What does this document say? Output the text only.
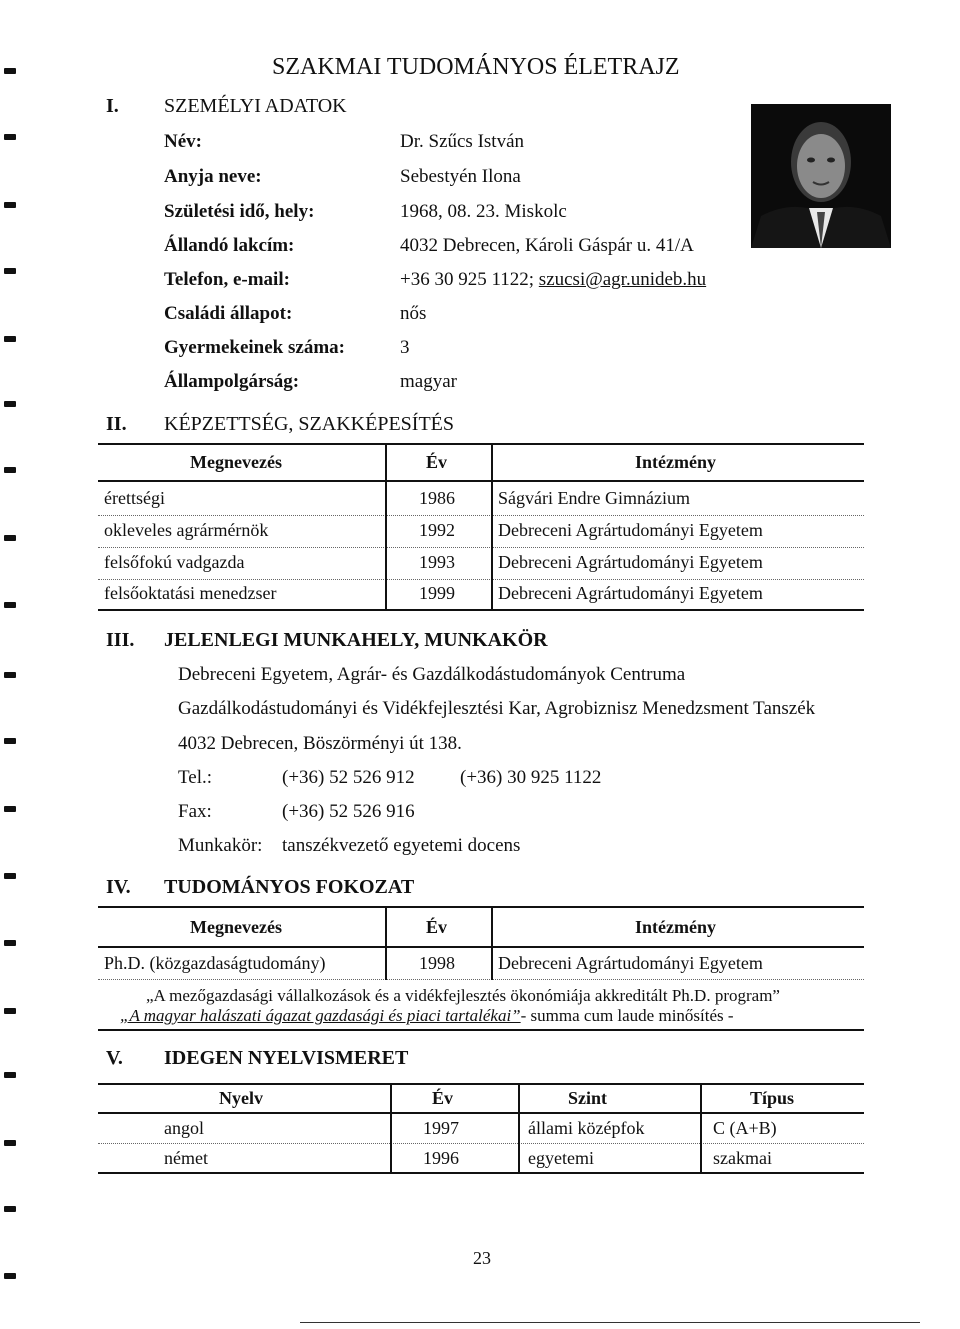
SZAKMAI TUDOMÁNYOS ÉLETRAJZ
I. SZEMÉLYI ADATOK
Név:	Dr. Szűcs István
Anyja neve:	Sebestyén Ilona
Születési idő, hely:	1968, 08. 23. Miskolc
Állandó lakcím:	4032 Debrecen, Károli Gáspár u. 41/A
Telefon, e-mail:	+36 30 925 1122; szucsi@agr.unideb.hu
Családi állapot:	nős
Gyermekeinek száma:	3
Állampolgárság:	magyar
II. KÉPZETTSÉG, SZAKKÉPESÍTÉS
Megnevezés	Év	Intézmény
érettségi	1986 Ságvári Endre Gimnázium
okleveles agrármérnök	1992 Debreceni Agrártudományi Egyetem
felsőfokú vadgazda	1993 Debreceni Agrártudományi Egyetem
felsőoktatási menedzser	1999 Debreceni Agrártudományi Egyetem
III. JELENLEGI MUNKAHELY, MUNKAKÖR
Debreceni Egyetem, Agrár- és Gazdálkodástudományok Centruma
Gazdálkodástudományi és Vidékfejlesztési Kar, Agrobiznisz Menedzsment Tanszék
4032 Debrecen, Böszörményi út 138.
Tel.:	(+36) 52 526 912 (+36) 30 925 1122
Fax:	(+36) 52 526 916
Munkakör: tanszékvezető egyetemi docens
IV. TUDOMÁNYOS FOKOZAT
Megnevezés	Év	Intézmény
Ph.D. (közgazdaságtudomány)	1998 Debreceni Agrártudományi Egyetem
„A mezőgazdasági vállalkozások és a vidékfejlesztés ökonómiája akkreditált Ph.D. program”
„A magyar halászati ágazat gazdasági és piaci tartalékai”- summa cum laude minősítés -
V. IDEGEN NYELVISMERET
Nyelv	Év	Szint	Típus
angol	1997	állami középfok	C (A+B)
német	1996	egyetemi	szakmai
23
